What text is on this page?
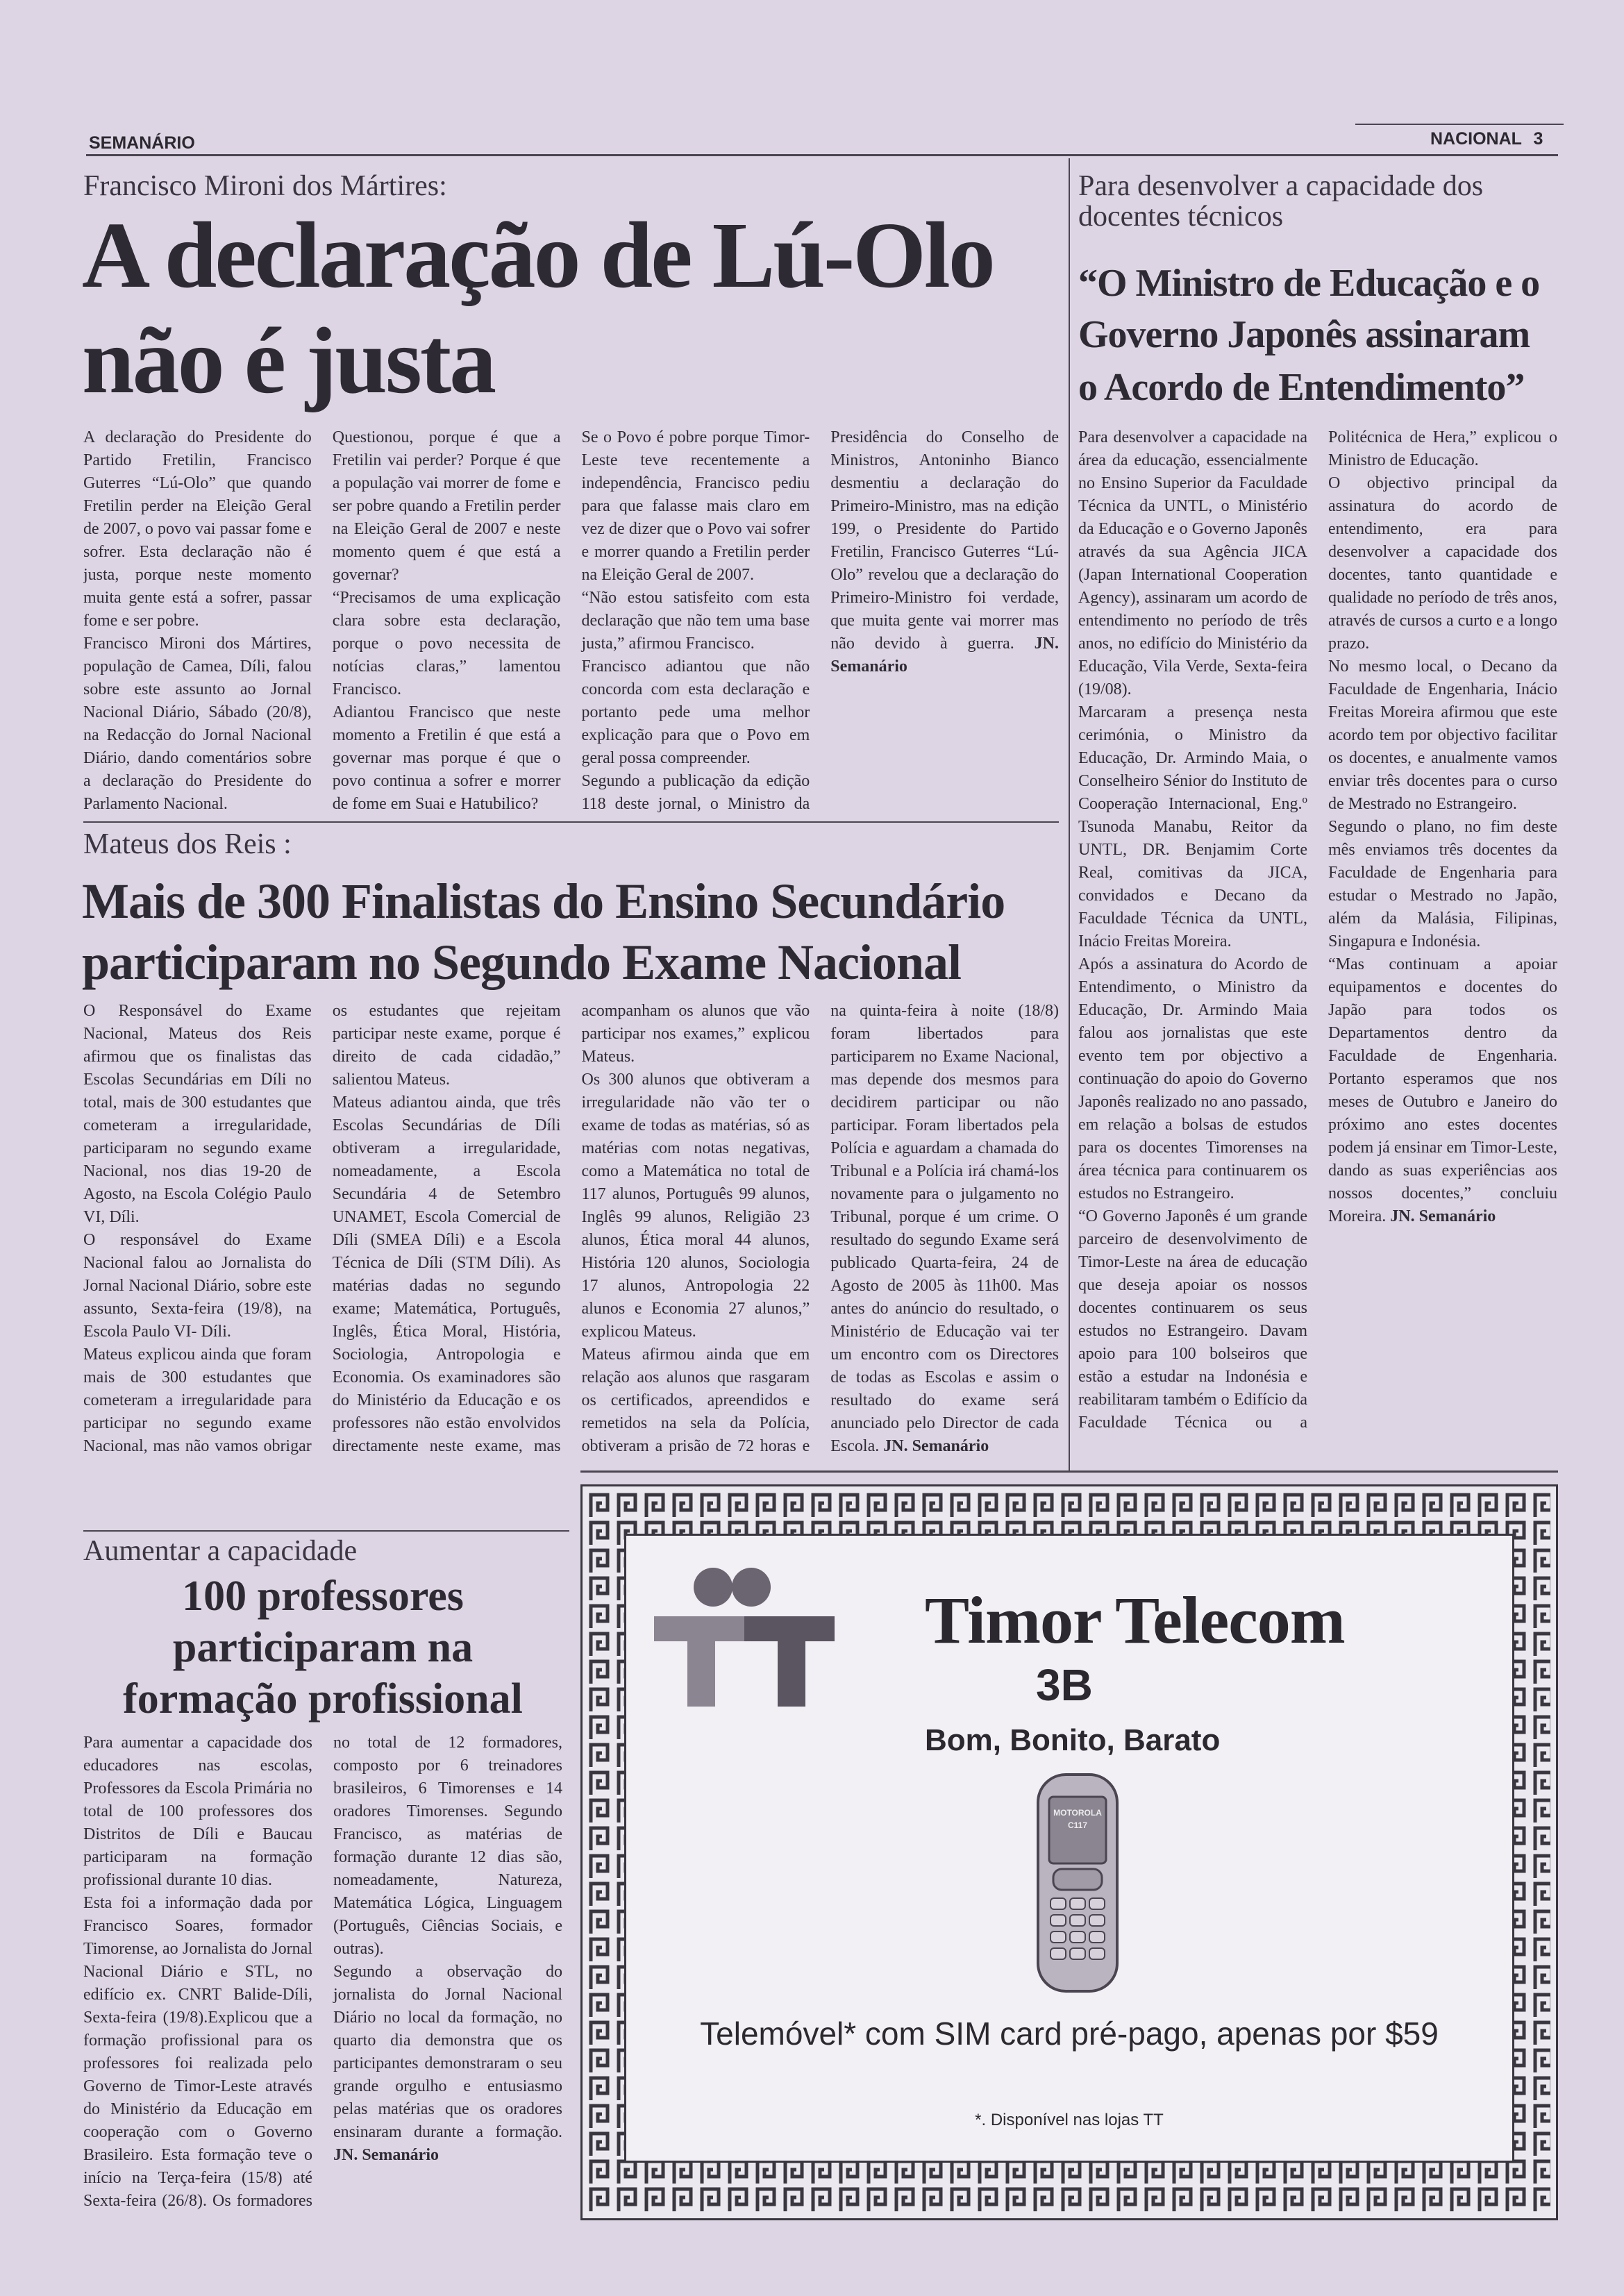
SEMANÁRIO	NACIONAL 3
Francisco Mironi dos Mártires:
A declaração de Lú-Olo
não é justa

A declaração do Presidente do Partido Fretilin, Francisco Guterres “Lú-Olo” que quando Fretilin perder na Eleição Geral de 2007, o povo vai passar fome e sofrer. Esta declaração não é justa, porque neste momento muita gente está a sofrer, passar fome e ser pobre.

Francisco Mironi dos Mártires, população de Camea, Díli, falou sobre este assunto ao Jornal Nacional Diário, Sábado (20/8), na Redacção do Jornal Nacional Diário, dando comentários sobre a declaração do Presidente do Parlamento Nacional.

Questionou, porque é que a Fretilin vai perder? Porque é que a população vai morrer de fome e ser pobre quando a Fretilin perder na Eleição Geral de 2007 e neste momento quem é que está a governar?

“Precisamos de uma explicação clara sobre esta declaração, porque o povo necessita de notícias claras,” lamentou Francisco.

Adiantou Francisco que neste momento a Fretilin é que está a governar mas porque é que o povo continua a sofrer e morrer de fome em Suai e Hatubilico?

Se o Povo é pobre porque Timor-Leste teve recentemente a independência, Francisco pediu para que falasse mais claro em vez de dizer que o Povo vai sofrer e morrer quando a Fretilin perder na Eleição Geral de 2007.

“Não estou satisfeito com esta declaração que não tem uma base justa,” afirmou Francisco.

Francisco adiantou que não concorda com esta declaração e portanto pede uma melhor explicação para que o Povo em geral possa compreender.

Segundo a publicação da edição 118 deste jornal, o Ministro da Presidência do Conselho de Ministros, Antoninho Bianco desmentiu a declaração do Primeiro-Ministro, mas na edição 199, o Presidente do Partido Fretilin, Francisco Guterres “Lú-Olo” revelou que a declaração do Primeiro-Ministro foi verdade, que muita gente vai morrer mas não devido à guerra. JN. Semanário

Mateus dos Reis :
Mais de 300 Finalistas do Ensino Secundário
participaram no Segundo Exame Nacional

O Responsável do Exame Nacional, Mateus dos Reis afirmou que os finalistas das Escolas Secundárias em Díli no total, mais de 300 estudantes que cometeram a irregularidade, participaram no segundo exame Nacional, nos dias 19-20 de Agosto, na Escola Colégio Paulo VI, Díli.

O responsável do Exame Nacional falou ao Jornalista do Jornal Nacional Diário, sobre este assunto, Sexta-feira (19/8), na Escola Paulo VI- Díli.

Mateus explicou ainda que foram mais de 300 estudantes que cometeram a irregularidade para participar no segundo exame Nacional, mas não vamos obrigar os estudantes que rejeitam participar neste exame, porque é direito de cada cidadão,” salientou Mateus.

Mateus adiantou ainda, que três Escolas Secundárias de Díli obtiveram a irregularidade, nomeadamente, a Escola Secundária 4 de Setembro UNAMET, Escola Comercial de Díli (SMEA Díli) e a Escola Técnica de Díli (STM Díli). As matérias dadas no segundo exame; Matemática, Português, Inglês, Ética Moral, História, Sociologia, Antropologia e Economia. Os examinadores são do Ministério da Educação e os professores não estão envolvidos directamente neste exame, mas acompanham os alunos que vão participar nos exames,” explicou Mateus.

Os 300 alunos que obtiveram a irregularidade não vão ter o exame de todas as matérias, só as matérias com notas negativas, como a Matemática no total de 117 alunos, Português 99 alunos, Inglês 99 alunos, Religião 23 alunos, Ética moral 44 alunos, História 120 alunos, Sociologia 17 alunos, Antropologia 22 alunos e Economia 27 alunos,” explicou Mateus.

Mateus afirmou ainda que em relação aos alunos que rasgaram os certificados, apreendidos e remetidos na sela da Polícia, obtiveram a prisão de 72 horas e na quinta-feira à noite (18/8) foram libertados para participarem no Exame Nacional, mas depende dos mesmos para decidirem participar ou não participar. Foram libertados pela Polícia e aguardam a chamada do Tribunal e a Polícia irá chamá-los novamente para o julgamento no Tribunal, porque é um crime. O resultado do segundo Exame será publicado Quarta-feira, 24 de Agosto de 2005 às 11h00. Mas antes do anúncio do resultado, o Ministério de Educação vai ter um encontro com os Directores de todas as Escolas e assim o resultado do exame será anunciado pelo Director de cada Escola. JN. Semanário

Para desenvolver a capacidade dos docentes técnicos
“O Ministro de Educação e o
Governo Japonês assinaram
o Acordo de Entendimento”

Para desenvolver a capacidade na área da educação, essencialmente no Ensino Superior da Faculdade Técnica da UNTL, o Ministério da Educação e o Governo Japonês através da sua Agência JICA (Japan International Cooperation Agency), assinaram um acordo de entendimento no período de três anos, no edifício do Ministério da Educação, Vila Verde, Sexta-feira (19/08).

Marcaram a presença nesta cerimónia, o Ministro da Educação, Dr. Armindo Maia, o Conselheiro Sénior do Instituto de Cooperação Internacional, Eng.º Tsunoda Manabu, Reitor da UNTL, DR. Benjamim Corte Real, comitivas da JICA, convidados e Decano da Faculdade Técnica da UNTL, Inácio Freitas Moreira.

Após a assinatura do Acordo de Entendimento, o Ministro da Educação, Dr. Armindo Maia falou aos jornalistas que este evento tem por objectivo a continuação do apoio do Governo Japonês realizado no ano passado, em relação a bolsas de estudos para os docentes Timorenses na área técnica para continuarem os estudos no Estrangeiro.

“O Governo Japonês é um grande parceiro de desenvolvimento de Timor-Leste na área de educação que deseja apoiar os nossos docentes continuarem os seus estudos no Estrangeiro. Davam apoio para 100 bolseiros que estão a estudar na Indonésia e reabilitaram também o Edifício da Faculdade Técnica ou a Politécnica de Hera,” explicou o Ministro de Educação.

O objectivo principal da assinatura do acordo de entendimento, era para desenvolver a capacidade dos docentes, tanto quantidade e qualidade no período de três anos, através de cursos a curto e a longo prazo.

No mesmo local, o Decano da Faculdade de Engenharia, Inácio Freitas Moreira afirmou que este acordo tem por objectivo facilitar os docentes, e anualmente vamos enviar três docentes para o curso de Mestrado no Estrangeiro.

Segundo o plano, no fim deste mês enviamos três docentes da Faculdade de Engenharia para estudar o Mestrado no Japão, além da Malásia, Filipinas, Singapura e Indonésia.

“Mas continuam a apoiar equipamentos e docentes do Japão para todos os Departamentos dentro da Faculdade de Engenharia. Portanto esperamos que nos meses de Outubro e Janeiro do próximo ano estes docentes podem já ensinar em Timor-Leste, dando as suas experiências aos nossos docentes,” concluiu Moreira. JN. Semanário

Aumentar a capacidade
100 professores
participaram na
formação profissional

Para aumentar a capacidade dos educadores nas escolas, Professores da Escola Primária no total de 100 professores dos Distritos de Díli e Baucau participaram na formação profissional durante 10 dias.

Esta foi a informação dada por Francisco Soares, formador Timorense, ao Jornalista do Jornal Nacional Diário e STL, no edifício ex. CNRT Balide-Díli, Sexta-feira (19/8).Explicou que a formação profissional para os professores foi realizada pelo Governo de Timor-Leste através do Ministério da Educação em cooperação com o Governo Brasileiro. Esta formação teve o início na Terça-feira (15/8) até Sexta-feira (26/8). Os formadores no total de 12 formadores, composto por 6 treinadores brasileiros, 6 Timorenses e 14 oradores Timorenses. Segundo Francisco, as matérias de formação durante 12 dias são, nomeadamente, Natureza, Matemática Lógica, Linguagem (Português, Ciências Sociais, e outras).

Segundo a observação do jornalista do Jornal Nacional Diário no local da formação, no quarto dia demonstra que os participantes demonstraram o seu grande orgulho e entusiasmo pelas matérias que os oradores ensinaram durante a formação. JN. Semanário

Timor Telecom
3B
Bom, Bonito, Barato
MOTOROLA C117
Telemóvel* com SIM card pré-pago, apenas por $59
*. Disponível nas lojas TT
